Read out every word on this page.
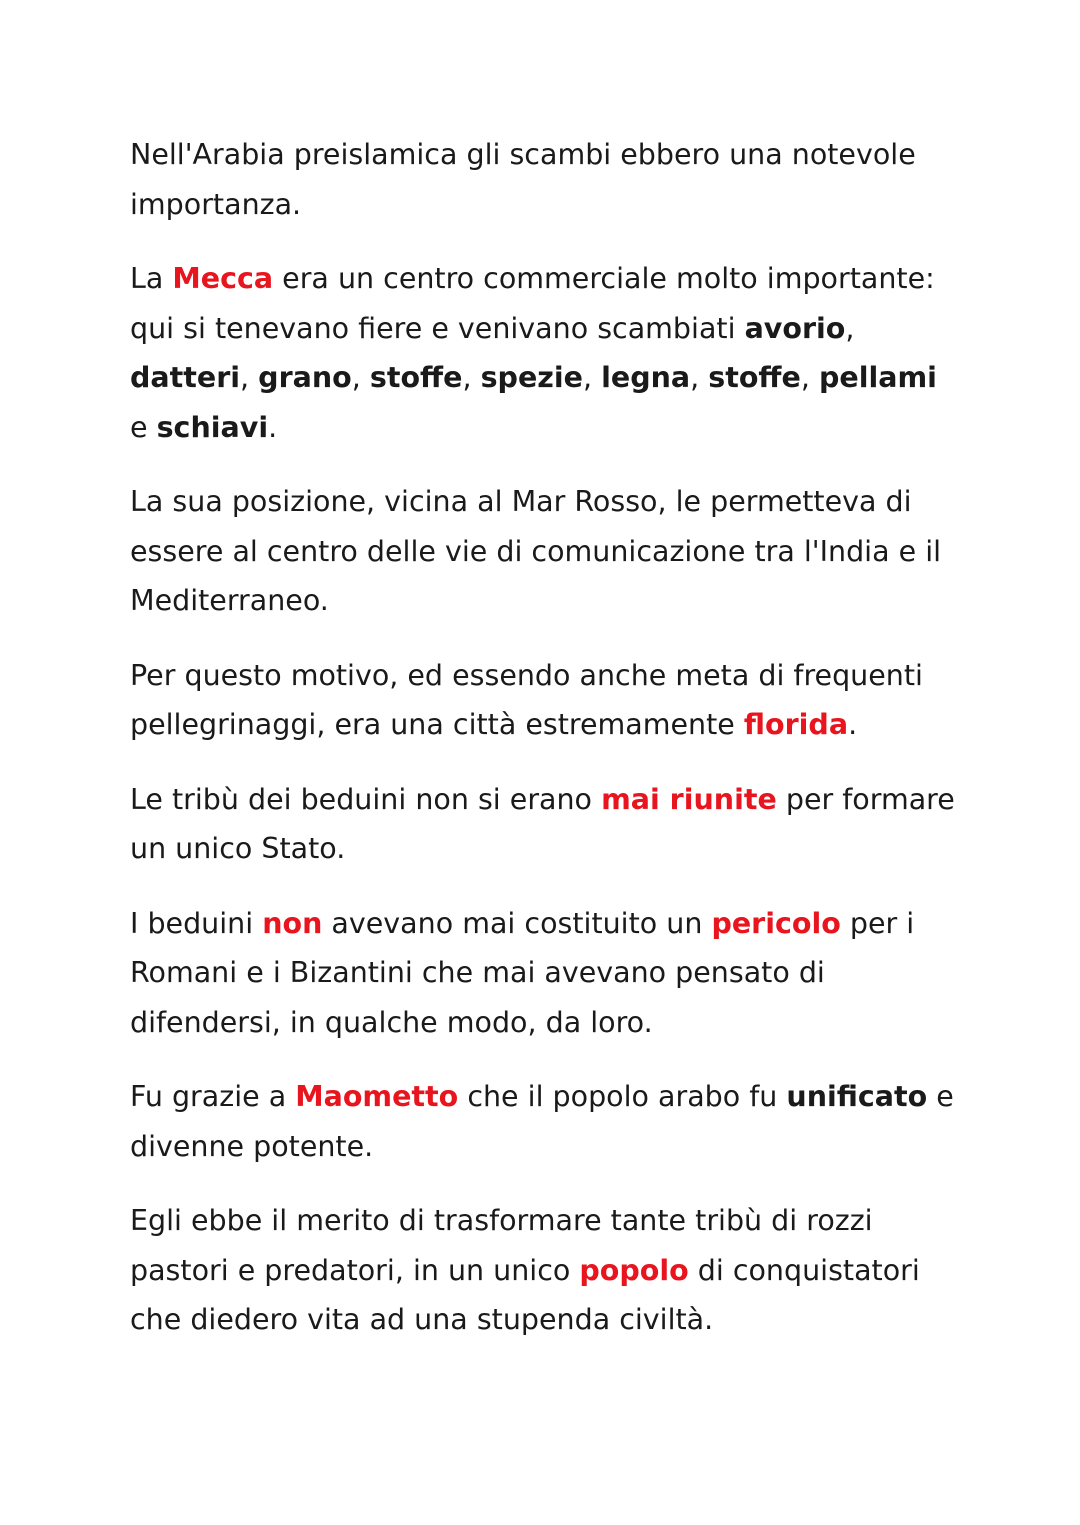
Nell'Arabia preislamica gli scambi ebbero una notevole importanza.

La Mecca era un centro commerciale molto importante: qui si tenevano fiere e venivano scambiati avorio, datteri, grano, stoffe, spezie, legna, stoffe, pellami e schiavi.

La sua posizione, vicina al Mar Rosso, le permetteva di essere al centro delle vie di comunicazione tra l'India e il Mediterraneo.

Per questo motivo, ed essendo anche meta di frequenti pellegrinaggi, era una città estremamente florida.

Le tribù dei beduini non si erano mai riunite per formare un unico Stato.

I beduini non avevano mai costituito un pericolo per i Romani e i Bizantini che mai avevano pensato di difendersi, in qualche modo, da loro.

Fu grazie a Maometto che il popolo arabo fu unificato e divenne potente.

Egli ebbe il merito di trasformare tante tribù di rozzi pastori e predatori, in un unico popolo di conquistatori che diedero vita ad una stupenda civiltà.
